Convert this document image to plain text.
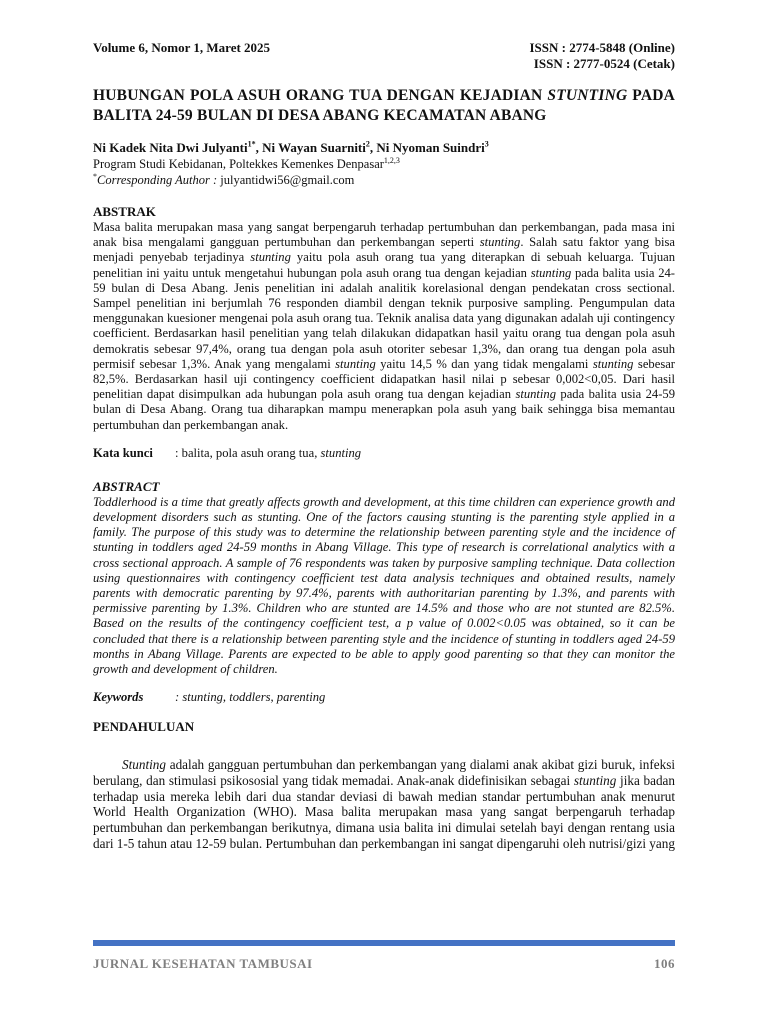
Volume 6, Nomor 1, Maret 2025	ISSN : 2774-5848 (Online)
ISSN : 2777-0524 (Cetak)
HUBUNGAN POLA ASUH ORANG TUA DENGAN KEJADIAN STUNTING PADA BALITA 24-59 BULAN DI DESA ABANG KECAMATAN ABANG
Ni Kadek Nita Dwi Julyanti$^{1*}$, Ni Wayan Suarniti$^2$, Ni Nyoman Suindri$^3$
Program Studi Kebidanan, Poltekkes Kemenkes Denpasar$^{1,2,3}$
*Corresponding Author : julyantidwi56@gmail.com
ABSTRAK
Masa balita merupakan masa yang sangat berpengaruh terhadap pertumbuhan dan perkembangan, pada masa ini anak bisa mengalami gangguan pertumbuhan dan perkembangan seperti stunting. Salah satu faktor yang bisa menjadi penyebab terjadinya stunting yaitu pola asuh orang tua yang diterapkan di sebuah keluarga. Tujuan penelitian ini yaitu untuk mengetahui hubungan pola asuh orang tua dengan kejadian stunting pada balita usia 24-59 bulan di Desa Abang. Jenis penelitian ini adalah analitik korelasional dengan pendekatan cross sectional. Sampel penelitian ini berjumlah 76 responden diambil dengan teknik purposive sampling. Pengumpulan data menggunakan kuesioner mengenai pola asuh orang tua. Teknik analisa data yang digunakan adalah uji contingency coefficient. Berdasarkan hasil penelitian yang telah dilakukan didapatkan hasil yaitu orang tua dengan pola asuh demokratis sebesar 97,4%, orang tua dengan pola asuh otoriter sebesar 1,3%, dan orang tua dengan pola asuh permisif sebesar 1,3%. Anak yang mengalami stunting yaitu 14,5 % dan yang tidak mengalami stunting sebesar 82,5%. Berdasarkan hasil uji contingency coefficient didapatkan hasil nilai p sebesar 0,002<0,05. Dari hasil penelitian dapat disimpulkan ada hubungan pola asuh orang tua dengan kejadian stunting pada balita usia 24-59 bulan di Desa Abang. Orang tua diharapkan mampu menerapkan pola asuh yang baik sehingga bisa memantau pertumbuhan dan perkembangan anak.
Kata kunci	: balita, pola asuh orang tua, stunting
ABSTRACT
Toddlerhood is a time that greatly affects growth and development, at this time children can experience growth and development disorders such as stunting. One of the factors causing stunting is the parenting style applied in a family. The purpose of this study was to determine the relationship between parenting style and the incidence of stunting in toddlers aged 24-59 months in Abang Village. This type of research is correlational analytics with a cross sectional approach. A sample of 76 respondents was taken by purposive sampling technique. Data collection using questionnaires with contingency coefficient test data analysis techniques and obtained results, namely parents with democratic parenting by 97.4%, parents with authoritarian parenting by 1.3%, and parents with permissive parenting by 1.3%. Children who are stunted are 14.5% and those who are not stunted are 82.5%. Based on the results of the contingency coefficient test, a p value of 0.002<0.05 was obtained, so it can be concluded that there is a relationship between parenting style and the incidence of stunting in toddlers aged 24-59 months in Abang Village. Parents are expected to be able to apply good parenting so that they can monitor the growth and development of children.
Keywords	: stunting, toddlers, parenting
PENDAHULUAN
Stunting adalah gangguan pertumbuhan dan perkembangan yang dialami anak akibat gizi buruk, infeksi berulang, dan stimulasi psikososial yang tidak memadai. Anak-anak didefinisikan sebagai stunting jika badan terhadap usia mereka lebih dari dua standar deviasi di bawah median standar pertumbuhan anak menurut World Health Organization (WHO). Masa balita merupakan masa yang sangat berpengaruh terhadap pertumbuhan dan perkembangan berikutnya, dimana usia balita ini dimulai setelah bayi dengan rentang usia dari 1-5 tahun atau 12-59 bulan. Pertumbuhan dan perkembangan ini sangat dipengaruhi oleh nutrisi/gizi yang
JURNAL KESEHATAN TAMBUSAI	106
